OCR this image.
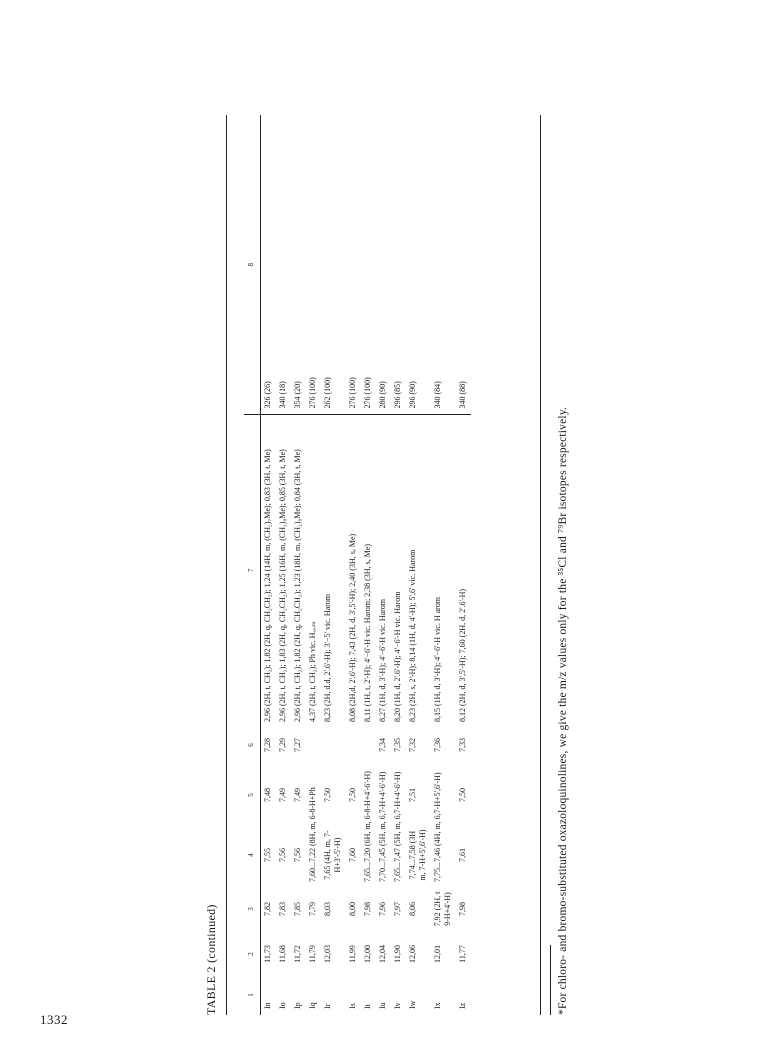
1332
TABLE 2 (continued)	1	2	3	4	5	6	7	8
In	11,73	7,82	7,55	7,48	7,28	2,96 (2H, t, CH₂); 1,82 (2H, q, CH₂CH₂); 1,24 (14H, m, (CH₂)₇Me); 0,83 (3H, t, Me)	326 (26)
Io	11,68	7,83	7,56	7,49	7,29	2,96 (2H, t, CH₂); 1,83 (2H, q, CH₂CH₂); 1,25 (16H, m, (CH₂)₈Me); 0,85 (3H, t, Me)	340 (18)
Ip	11,72	7,85	7,56	7,49	7,27	2,96 (2H, t, CH₂); 1,82 (2H, q, CH₂CH₂); 1,23 (18H, m, (CH₂)₉Me); 0,84 (3H, t, Me)	354 (20)
Iq	11,79	7,79	7,60...7,22 (8H, m, 6-8-H+Ph			4,37 (2H, t, CH₂); Ph vic. Hₐᵣₒₘ	276 (100)
Ir	12,03	8,03	7,65 (4H, m, 7-H+3'-5'-H)	7,50		8,23 (2H, d.d, 2'.6'-H); 3'−5' vic. Harom	262 (100)
Is	11,99	8,00	7,60	7,50		8,08 (2H,d, 2'.6'-H); 7,43 (2H, d, 3',5'-H); 2,40 (3H, s, Me)	276 (100)
It	12,00	7,98	7,65...7,20 (6H, m, 6-8-H+4'-6'-H)			8,11 (1H, t, 2'-H); 4'−6'-H vic. Harom; 2,38 (3H, s, Me)	276 (100)
Iu	12,04	7,96	7,70...7,45 (5H, m, 6,7-H+4'-6'-H)		7,34	8,27 (1H, d, 3'-H); 4'−6'-H vic. Harom	280 (90)
Iv	11,90	7,97	7,65...7,47 (5H, m, 6,7-H+4'-6'-H)		7,35	8,20 (1H, d, 2'.6'-H); 4'−6'-H vic. Harom	296 (85)
Iw	12,06	8,06	7,74...7,58 (3H m, 7-H+5',6'-H)	7,51	7,32	8,23 (2H, s, 2'-H); 8,14 (1H, d, 4'-H); 5',6' vic. Harom	296 (90)
Ix	12,01	7,92 (2H, t 9-H+4'-H)	7,75...7,46 (4H, m, 6,7-H+5',6'-H)		7,36	8,15 (1H, d, 3'-H); 4'−6'-H vic. H arom	340 (84)
Iz	11,77	7,98	7,61	7,50	7,33	8,12 (2H, d, 3',5'-H); 7,60 (2H, d, 2'.6'-H)	340 (88)
*For chloro- and bromo-substituted oxazoloquinolines, we give the m/z values only for the ³⁵Cl and ⁷⁹Br isotopes respectively.
